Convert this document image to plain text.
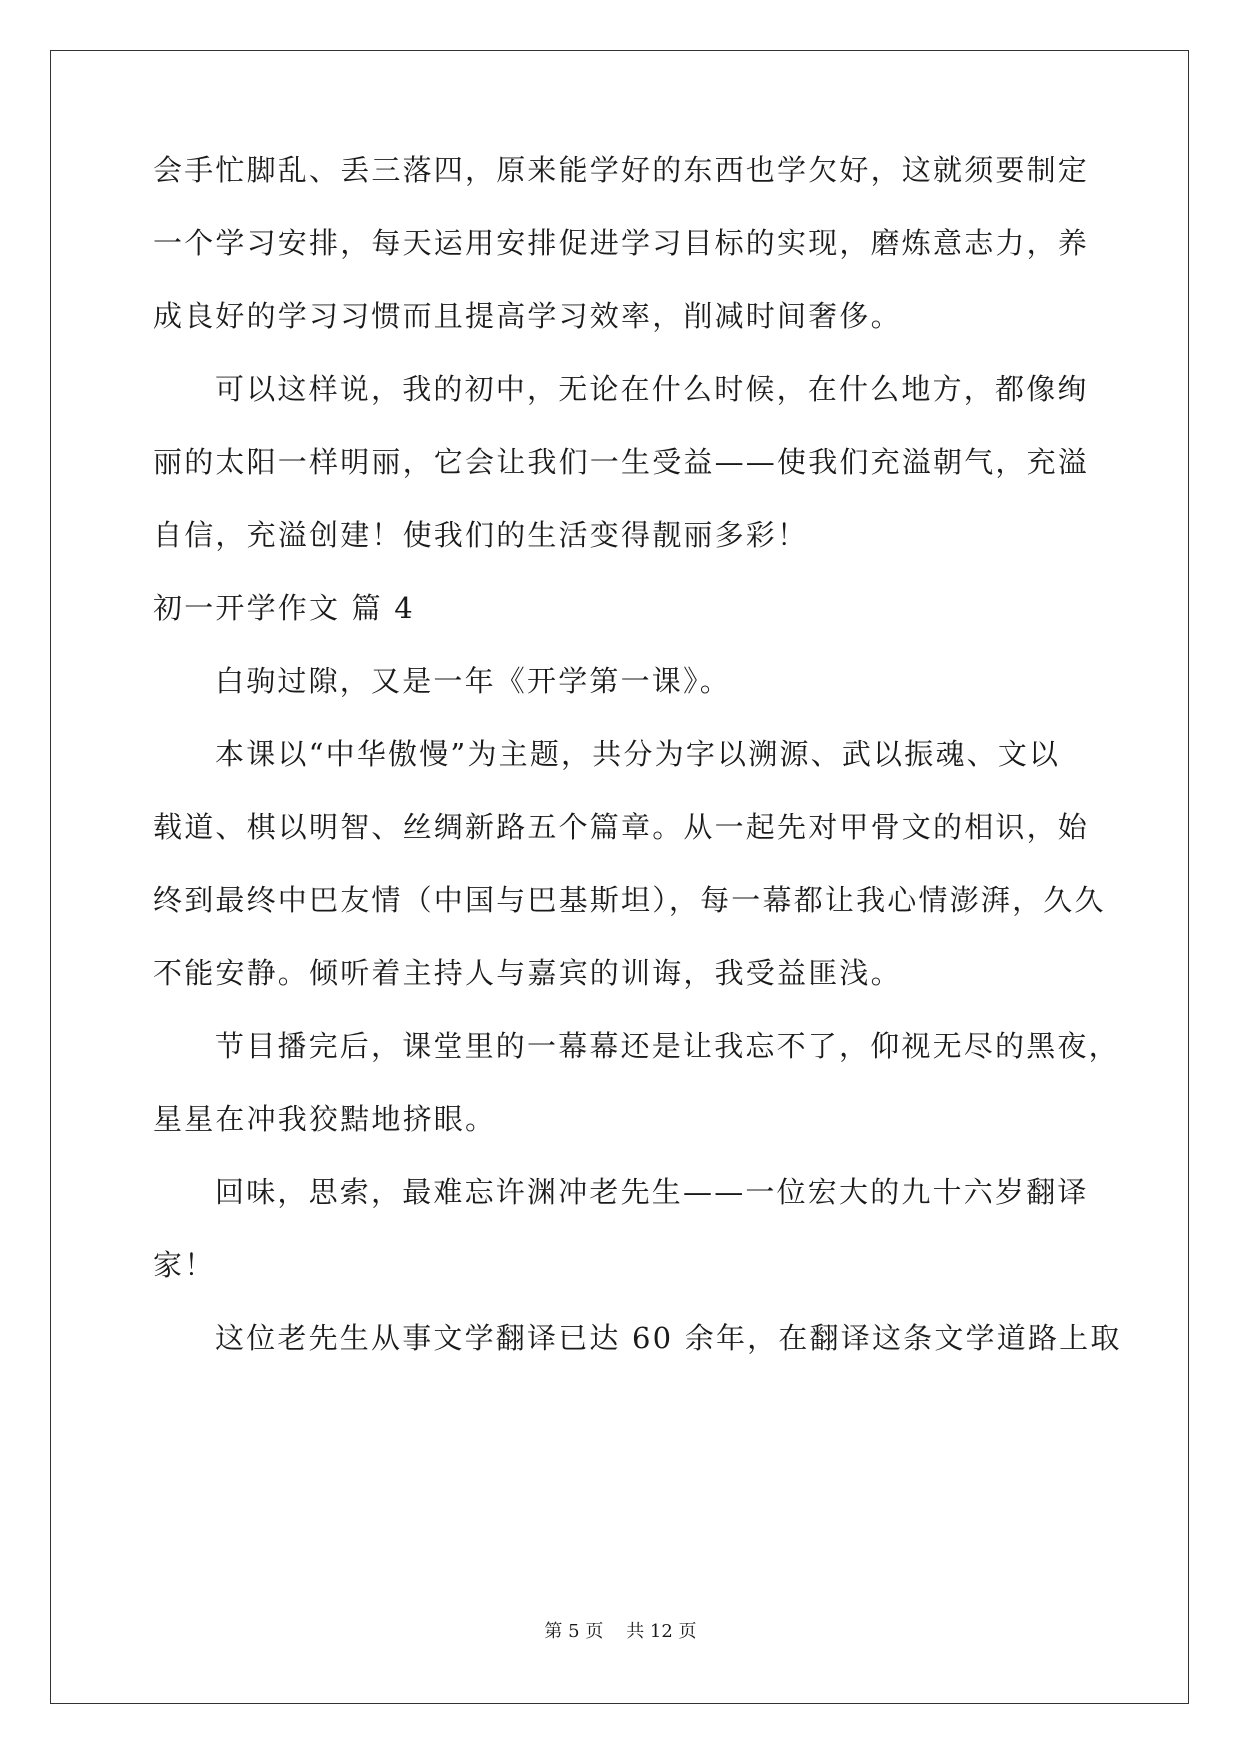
会手忙脚乱、丢三落四，原来能学好的东西也学欠好，这就须要制定
一个学习安排，每天运用安排促进学习目标的实现，磨炼意志力，养
成良好的学习习惯而且提高学习效率，削减时间奢侈。
可以这样说，我的初中，无论在什么时候，在什么地方，都像绚
丽的太阳一样明丽，它会让我们一生受益——使我们充溢朝气，充溢
自信，充溢创建！使我们的生活变得靓丽多彩！
初一开学作文 篇 4
白驹过隙，又是一年《开学第一课》。
本课以“中华傲慢”为主题，共分为字以溯源、武以振魂、文以
载道、棋以明智、丝绸新路五个篇章。从一起先对甲骨文的相识，始
终到最终中巴友情（中国与巴基斯坦），每一幕都让我心情澎湃，久久
不能安静。倾听着主持人与嘉宾的训诲，我受益匪浅。
节目播完后，课堂里的一幕幕还是让我忘不了，仰视无尽的黑夜，
星星在冲我狡黠地挤眼。
回味，思索，最难忘许渊冲老先生——一位宏大的九十六岁翻译
家！
这位老先生从事文学翻译已达 60 余年，在翻译这条文学道路上取
第 5 页    共 12 页
